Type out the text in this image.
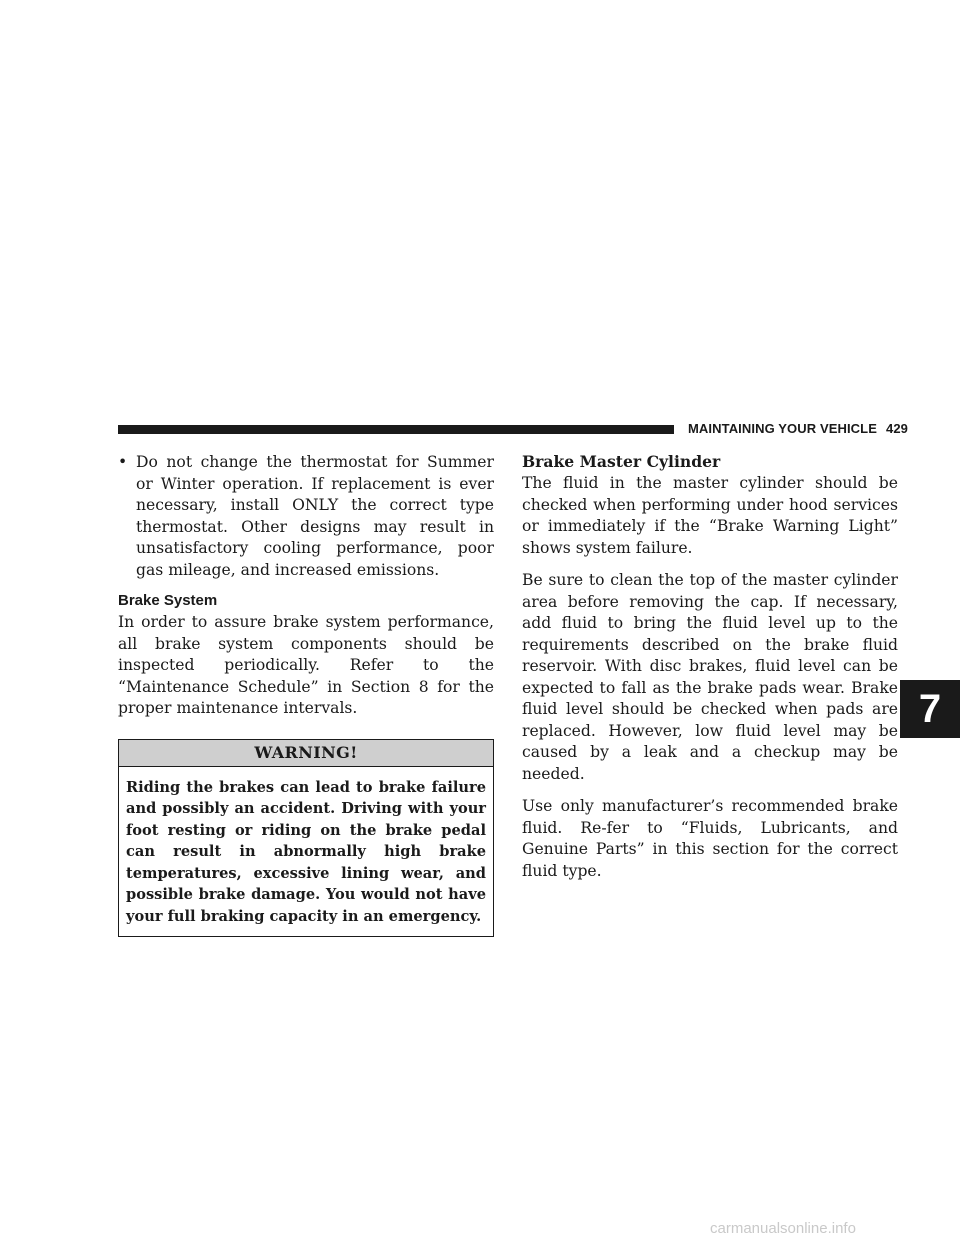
MAINTAINING YOUR VEHICLE 429
• Do not change the thermostat for Summer or Winter operation. If replacement is ever necessary, install ONLY the correct type thermostat. Other designs may result in unsatisfactory cooling performance, poor gas mileage, and increased emissions.

Brake System

In order to assure brake system performance, all brake system components should be inspected periodically. Refer to the “Maintenance Schedule” in Section 8 for the proper maintenance intervals.

WARNING!
Riding the brakes can lead to brake failure and possibly an accident. Driving with your foot resting or riding on the brake pedal can result in abnormally high brake temperatures, excessive lining wear, and possible brake damage. You would not have your full braking capacity in an emergency.
Brake Master Cylinder

The fluid in the master cylinder should be checked when performing under hood services or immediately if the “Brake Warning Light” shows system failure.

Be sure to clean the top of the master cylinder area before removing the cap. If necessary, add fluid to bring the fluid level up to the requirements described on the brake fluid reservoir. With disc brakes, fluid level can be expected to fall as the brake pads wear. Brake fluid level should be checked when pads are replaced. However, low fluid level may be caused by a leak and a checkup may be needed.

Use only manufacturer’s recommended brake fluid. Re-fer to “Fluids, Lubricants, and Genuine Parts” in this section for the correct fluid type.

7
carmanualsonline.info
